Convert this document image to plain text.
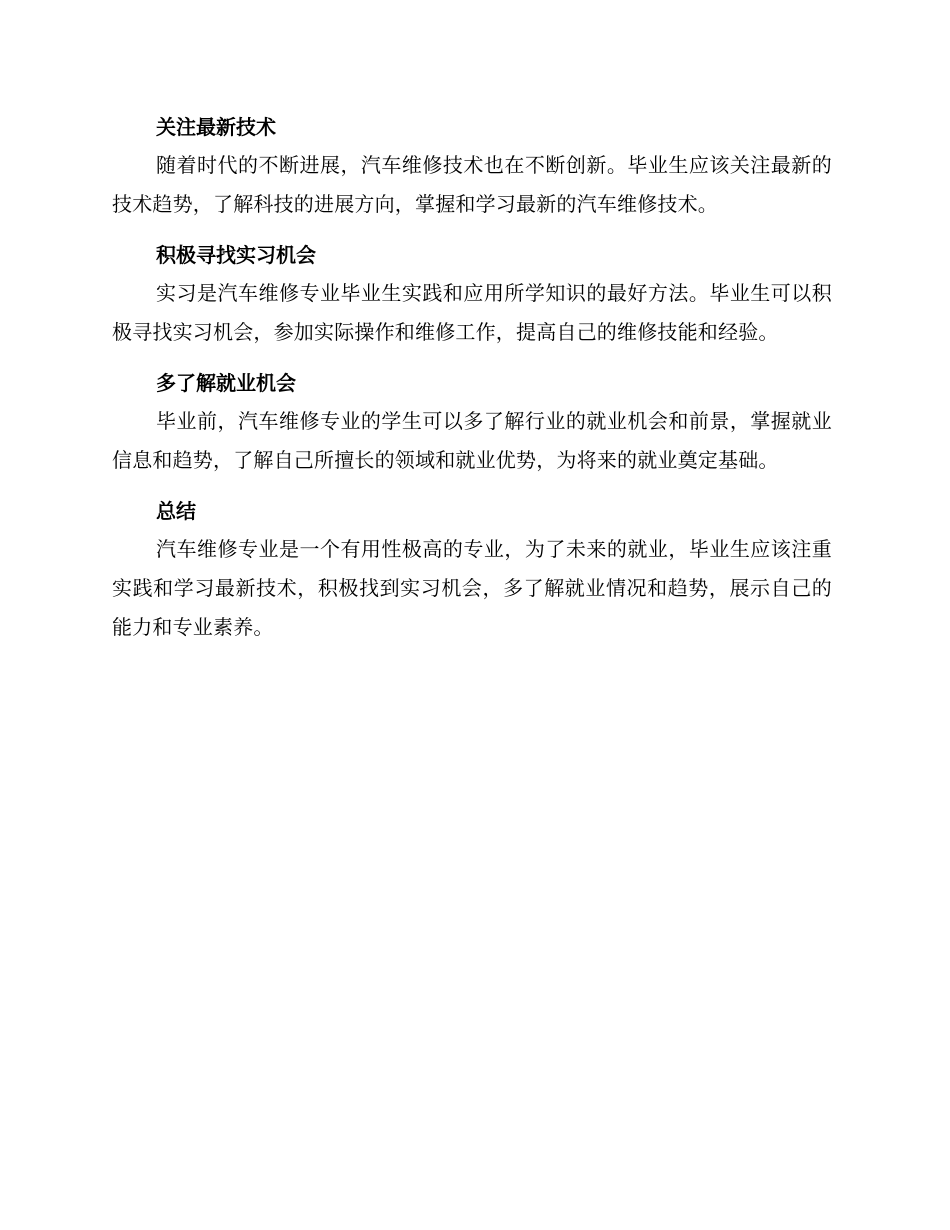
关注最新技术

随着时代的不断进展，汽车维修技术也在不断创新。毕业生应该关注最新的技术趋势，了解科技的进展方向，掌握和学习最新的汽车维修技术。

积极寻找实习机会

实习是汽车维修专业毕业生实践和应用所学知识的最好方法。毕业生可以积极寻找实习机会，参加实际操作和维修工作，提高自己的维修技能和经验。

多了解就业机会

毕业前，汽车维修专业的学生可以多了解行业的就业机会和前景，掌握就业信息和趋势，了解自己所擅长的领域和就业优势，为将来的就业奠定基础。

总结

汽车维修专业是一个有用性极高的专业，为了未来的就业，毕业生应该注重实践和学习最新技术，积极找到实习机会，多了解就业情况和趋势，展示自己的能力和专业素养。
